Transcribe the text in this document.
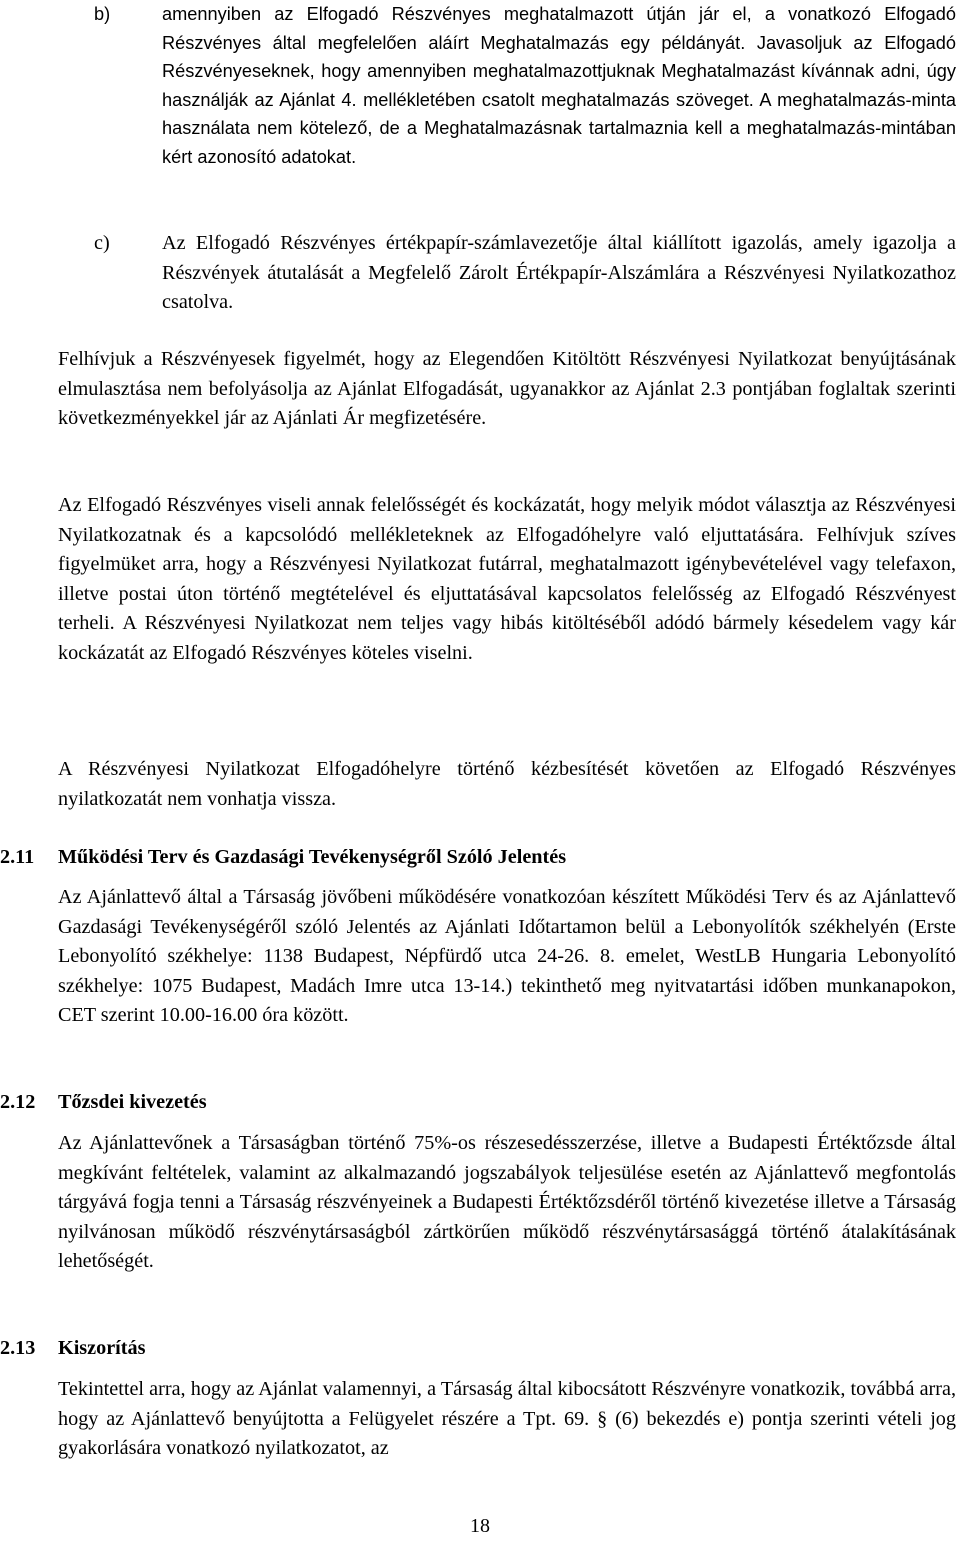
b)	amennyiben az Elfogadó Részvényes meghatalmazott útján jár el, a vonatkozó Elfogadó Részvényes által megfelelően aláírt Meghatalmazás egy példányát. Javasoljuk az Elfogadó Részvényeseknek, hogy amennyiben meghatalmazottjuknak Meghatalmazást kívánnak adni, úgy használják az Ajánlat 4. mellékletében csatolt meghatalmazás szöveget. A meghatalmazás-minta használata nem kötelező, de a Meghatalmazásnak tartalmaznia kell a meghatalmazás-mintában kért azonosító adatokat.

c)	Az Elfogadó Részvényes értékpapír-számlavezetője által kiállított igazolás, amely igazolja a Részvények átutalását a Megfelelő Zárolt Értékpapír-Alszámlára a Részvényesi Nyilatkozathoz csatolva.

Felhívjuk a Részvényesek figyelmét, hogy az Elegendően Kitöltött Részvényesi Nyilatkozat benyújtásának elmulasztása nem befolyásolja az Ajánlat Elfogadását, ugyanakkor az Ajánlat 2.3 pontjában foglaltak szerinti következményekkel jár az Ajánlati Ár megfizetésére.

Az Elfogadó Részvényes viseli annak felelősségét és kockázatát, hogy melyik módot választja az Részvényesi Nyilatkozatnak és a kapcsolódó mellékleteknek az Elfogadóhelyre való eljuttatására. Felhívjuk szíves figyelmüket arra, hogy a Részvényesi Nyilatkozat futárral, meghatalmazott igénybevételével vagy telefaxon, illetve postai úton történő megtételével és eljuttatásával kapcsolatos felelősség az Elfogadó Részvényest terheli. A Részvényesi Nyilatkozat nem teljes vagy hibás kitöltéséből adódó bármely késedelem vagy kár kockázatát az Elfogadó Részvényes köteles viselni.

A Részvényesi Nyilatkozat Elfogadóhelyre történő kézbesítését követően az Elfogadó Részvényes nyilatkozatát nem vonhatja vissza.

2.11	Működési Terv és Gazdasági Tevékenységről Szóló Jelentés

Az Ajánlattevő által a Társaság jövőbeni működésére vonatkozóan készített Működési Terv és az Ajánlattevő Gazdasági Tevékenységéről szóló Jelentés az Ajánlati Időtartamon belül a Lebonyolítók székhelyén (Erste Lebonyolító székhelye: 1138 Budapest, Népfürdő utca 24-26. 8. emelet, WestLB Hungaria Lebonyolító székhelye: 1075 Budapest, Madách Imre utca 13-14.) tekinthető meg nyitvatartási időben munkanapokon, CET szerint 10.00-16.00 óra között.

2.12	Tőzsdei kivezetés

Az Ajánlattevőnek a Társaságban történő 75%-os részesedésszerzése, illetve a Budapesti Értéktőzsde által megkívánt feltételek, valamint az alkalmazandó jogszabályok teljesülése esetén az Ajánlattevő megfontolás tárgyává fogja tenni a Társaság részvényeinek a Budapesti Értéktőzsdéről történő kivezetése illetve a Társaság nyilvánosan működő részvénytársaságból zártkörűen működő részvénytársasággá történő átalakításának lehetőségét.

2.13	Kiszorítás

Tekintettel arra, hogy az Ajánlat valamennyi, a Társaság által kibocsátott Részvényre vonatkozik, továbbá arra, hogy az Ajánlattevő benyújtotta a Felügyelet részére a Tpt. 69. § (6) bekezdés e) pontja szerinti vételi jog gyakorlására vonatkozó nyilatkozatot, az

18
